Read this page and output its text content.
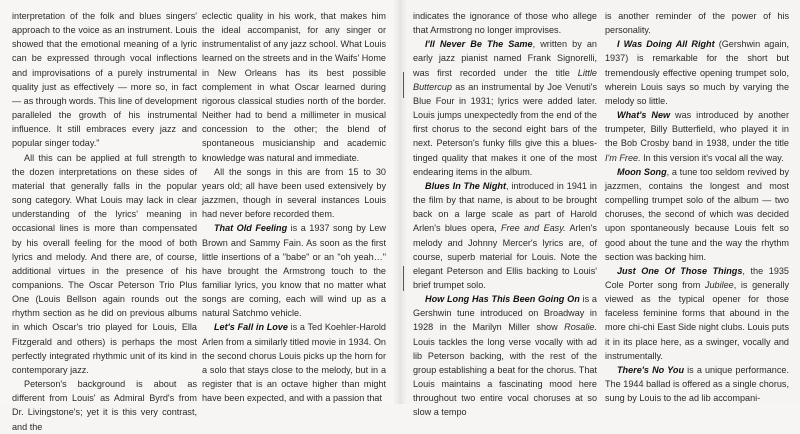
interpretation of the folk and blues singers' approach to the voice as an instrument. Louis showed that the emotional meaning of a lyric can be expressed through vocal inflections and improvisations of a purely instrumental quality just as effectively — more so, in fact — as through words. This line of development paralleled the growth of his instrumental influence. It still embraces every jazz and popular singer today."

All this can be applied at full strength to the dozen interpretations on these sides of material that generally falls in the popular song category. What Louis may lack in clear understanding of the lyrics' meaning in occasional lines is more than compensated by his overall feeling for the mood of both lyrics and melody. And there are, of course, additional virtues in the presence of his companions. The Oscar Peterson Trio Plus One (Louis Bellson again rounds out the rhythm section as he did on previous albums in which Oscar's trio played for Louis, Ella Fitzgerald and others) is perhaps the most perfectly integrated rhythmic unit of its kind in contemporary jazz.

Peterson's background is about as different from Louis' as Admiral Byrd's from Dr. Livingstone's; yet it is this very contrast, and the

eclectic quality in his work, that makes him the ideal accompanist, for any singer or instrumentalist of any jazz school. What Louis learned on the streets and in the Waifs' Home in New Orleans has its best possible complement in what Oscar learned during rigorous classical studies north of the border. Neither had to bend a millimeter in musical concession to the other; the blend of spontaneous musicianship and academic knowledge was natural and immediate.

All the songs in this are from 15 to 30 years old; all have been used extensively by jazzmen, though in several instances Louis had never before recorded them.

That Old Feeling is a 1937 song by Lew Brown and Sammy Fain. As soon as the first little insertions of a "babe" or an "oh yeah…" have brought the Armstrong touch to the familiar lyrics, you know that no matter what songs are coming, each will wind up as a natural Satchmo vehicle.

Let's Fall in Love is a Ted Koehler-Harold Arlen from a similarly titled movie in 1934. On the second chorus Louis picks up the horn for a solo that stays close to the melody, but in a register that is an octave higher than might have been expected, and with a passion that

indicates the ignorance of those who allege that Armstrong no longer improvises.

I'll Never Be The Same, written by an early jazz pianist named Frank Signorelli, was first recorded under the title Little Buttercup as an instrumental by Joe Venuti's Blue Four in 1931; lyrics were added later. Louis jumps unexpectedly from the end of the first chorus to the second eight bars of the next. Peterson's funky fills give this a blues-tinged quality that makes it one of the most endearing items in the album.

Blues In The Night, introduced in 1941 in the film by that name, is about to be brought back on a large scale as part of Harold Arlen's blues opera, Free and Easy. Arlen's melody and Johnny Mercer's lyrics are, of course, superb material for Louis. Note the elegant Peterson and Ellis backing to Louis' brief trumpet solo.

How Long Has This Been Going On is a Gershwin tune introduced on Broadway in 1928 in the Marilyn Miller show Rosalie. Louis tackles the long verse vocally with ad lib Peterson backing, with the rest of the group establishing a beat for the chorus. That Louis maintains a fascinating mood here throughout two entire vocal choruses at so slow a tempo

is another reminder of the power of his personality.

I Was Doing All Right (Gershwin again, 1937) is remarkable for the short but tremendously effective opening trumpet solo, wherein Louis says so much by varying the melody so little.

What's New was introduced by another trumpeter, Billy Butterfield, who played it in the Bob Crosby band in 1938, under the title I'm Free. In this version it's vocal all the way.

Moon Song, a tune too seldom revived by jazzmen, contains the longest and most compelling trumpet solo of the album — two choruses, the second of which was decided upon spontaneously because Louis felt so good about the tune and the way the rhythm section was backing him.

Just One Of Those Things, the 1935 Cole Porter song from Jubilee, is generally viewed as the typical opener for those faceless feminine forms that abound in the more chi-chi East Side night clubs. Louis puts it in its place here, as a swinger, vocally and instrumentally.

There's No You is a unique performance. The 1944 ballad is offered as a single chorus, sung by Louis to the ad lib accompani-
